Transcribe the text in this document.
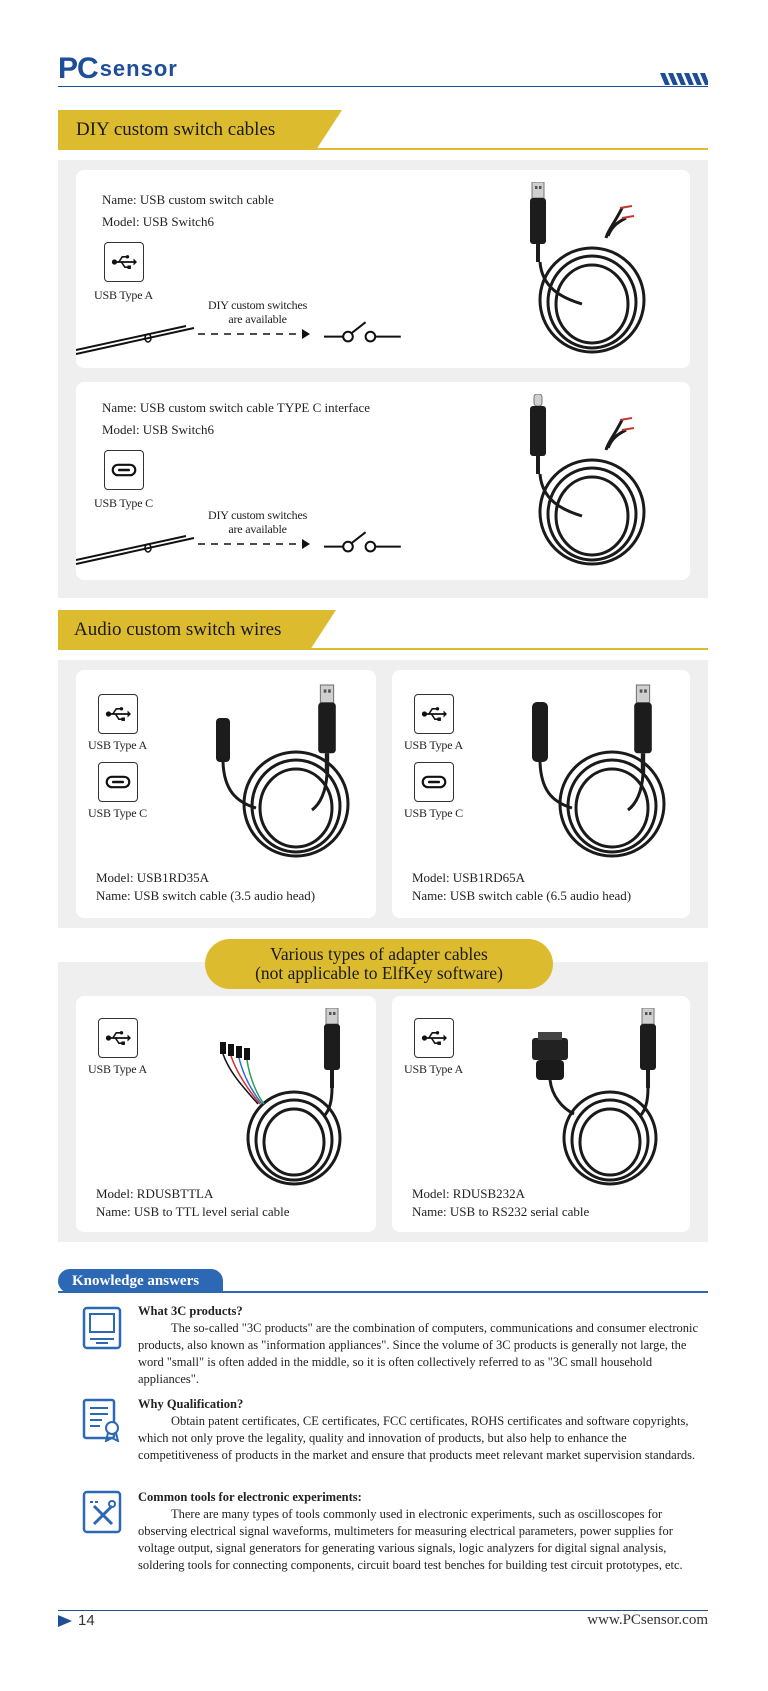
PC sensor
DIY custom switch cables
Name: USB custom switch cable
Model: USB Switch6
USB Type A
DIY custom switches
are available
Name: USB custom switch cable TYPE C interface
Model: USB Switch6
USB Type C
DIY custom switches
are available
Audio custom switch wires
USB Type A
USB Type C
Model: USB1RD35A
Name: USB switch cable (3.5 audio head)
USB Type A
USB Type C
Model: USB1RD65A
Name: USB switch cable (6.5 audio head)
USB Type A
Model: RDUSBTTLA
Name: USB to TTL level serial cable
USB Type A
Model: RDUSB232A
Name: USB to RS232 serial cable
Various types of adapter cables
(not applicable to ElfKey software)
Knowledge answers
What 3C products?

The so-called "3C products" are the combination of computers, communications and consumer electronic products, also known as "information appliances". Since the volume of 3C products is generally not large, the word "small" is often added in the middle, so it is often collectively referred to as "3C small household appliances".

Why Qualification?

Obtain patent certificates, CE certificates, FCC certificates, ROHS certificates and software copyrights, which not only prove the legality, quality and innovation of products, but also help to enhance the competitiveness of products in the market and ensure that products meet relevant market supervision standards.

Common tools for electronic experiments:

There are many types of tools commonly used in electronic experiments, such as oscilloscopes for observing electrical signal waveforms, multimeters for measuring electrical parameters, power supplies for voltage output, signal generators for generating various signals, logic analyzers for digital signal analysis, soldering tools for connecting components, circuit board test benches for building test circuit prototypes, etc.

14	www.PCsensor.com
